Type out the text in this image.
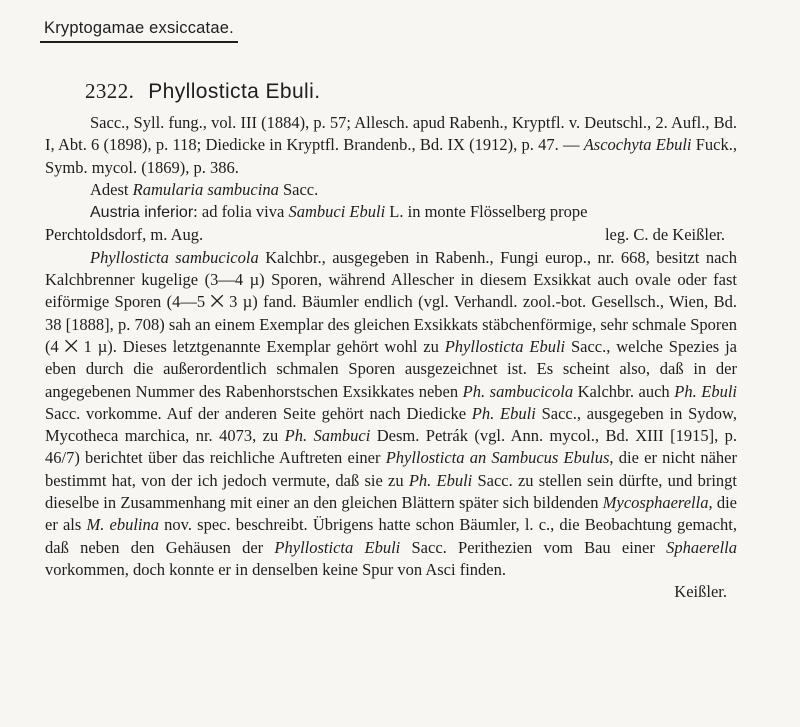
Kryptogamae exsiccatae.
2322. Phyllosticta Ebuli.
Sacc., Syll. fung., vol. III (1884), p. 57; Allesch. apud Rabenh., Kryptfl. v. Deutschl., 2. Aufl., Bd. I, Abt. 6 (1898), p. 118; Diedicke in Kryptfl. Brandenb., Bd. IX (1912), p. 47. — Ascochyta Ebuli Fuck., Symb. mycol. (1869), p. 386.
Adest Ramularia sambucina Sacc.
Austria inferior: ad folia viva Sambuci Ebuli L. in monte Flösselberg prope
Perchtoldsdorf, m. Aug.	leg. C. de Keißler.
Phyllosticta sambucicola Kalchbr., ausgegeben in Rabenh., Fungi europ., nr. 668, besitzt nach Kalchbrenner kugelige (3—4 µ) Sporen, während Allescher in diesem Exsikkat auch ovale oder fast eiförmige Sporen (4—5 ⨉ 3 µ) fand. Bäumler endlich (vgl. Verhandl. zool.-bot. Gesellsch., Wien, Bd. 38 [1888], p. 708) sah an einem Exemplar des gleichen Exsikkats stäbchenförmige, sehr schmale Sporen (4 ⨉ 1 µ). Dieses letztgenannte Exemplar gehört wohl zu Phyllosticta Ebuli Sacc., welche Spezies ja eben durch die außerordentlich schmalen Sporen ausgezeichnet ist. Es scheint also, daß in der angegebenen Nummer des Rabenhorstschen Exsikkates neben Ph. sambucicola Kalchbr. auch Ph. Ebuli Sacc. vorkomme. Auf der anderen Seite gehört nach Diedicke Ph. Ebuli Sacc., ausgegeben in Sydow, Mycotheca marchica, nr. 4073, zu Ph. Sambuci Desm. Petrák (vgl. Ann. mycol., Bd. XIII [1915], p. 46/7) berichtet über das reichliche Auftreten einer Phyllosticta an Sambucus Ebulus, die er nicht näher bestimmt hat, von der ich jedoch vermute, daß sie zu Ph. Ebuli Sacc. zu stellen sein dürfte, und bringt dieselbe in Zusammenhang mit einer an den gleichen Blättern später sich bildenden Mycosphaerella, die er als M. ebulina nov. spec. beschreibt. Übrigens hatte schon Bäumler, l. c., die Beobachtung gemacht, daß neben den Gehäusen der Phyllosticta Ebuli Sacc. Perithezien vom Bau einer Sphaerella vorkommen, doch konnte er in denselben keine Spur von Asci finden.
Keißler.
